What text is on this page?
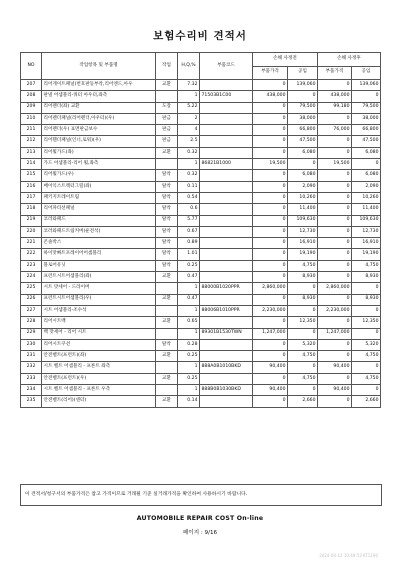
보험수리비 견적서
NO	작업항목 및 부품명	작업	H,Q,%	부품코드	손해 사정전		손해 사정후	
					부품가격	공임	부품가격	공임
207	리어게이트패널(번호판등부착,리어엔드,아우	교환	7.32		0	139,060	0	139,060
208	판넬 어셈블리-쿼터 아우터,좌측		1	71503B1C00	438,000	0	438,000	0
209	리어펜더(좌) 교환	도장	5.22		0	79,500	99,180	79,500
210	리어펜더패널(리어펜더,아우터)(우)	판금	2		0	38,000	0	38,000
211	리어펜더(우) 표면판금보수	판금	4		0	66,800	76,000	66,800
212	리어휀더패널(인너,로워)(우)	판금	2.5		0	47,500	0	47,500
213	리어휠가드(좌)	교환	0.32		0	6,080	0	6,080
214	가드 어셈블리-리어 휠,좌측		1	86821B1000	19,500	0	19,500	0
215	리어휠가드(우)	탈착	0.32		0	6,080	0	6,080
216	배이익스트렉터그릴(좌)	탈착	0.11		0	2,090	0	2,090
217	패키지트레이트림	탈착	0.54		0	10,260	0	10,260
218	리어파티션패널	탈착	0.6		0	11,400	0	11,400
219	코러와패드	탈착	5.77		0	109,630	0	109,630
220	코러와패드트림커버(운전석)	탈착	0.67		0	12,730	0	12,730
221	콘솔박스	탈착	0.89		0	16,910	0	16,910
222	하이맛빠트포레이어어셈블리	탈착	1.01		0	19,190	0	19,190
223	블로어유닛	탈착	0.25		0	4,750	0	4,750
224	프런트시트어셈블리(좌)	교환	0.47		0	8,930	0	8,930
225	시트 맛세어 - 드라이버		1	88000B1020PPR	2,860,000	0	2,860,000	0
226	프런트시트어셈블리(우)	교환	0.47		0	8,930	0	8,930
227	시트 어셈블리-조수석		1	88006B1010PPR	2,230,000	0	2,230,000	0
228	리어시트백	교환	0.65		0	12,350	0	12,350
229	백 맛세어 - 리어 시트		1	89301B1530TWN	1,247,000	0	1,247,000	0
230	리어시트쿠션	탈착	0.28		0	5,320	0	5,320
231	안전벨트(프런트)(좌)	교환	0.25		0	4,750	0	4,750
232	시트 벨트 어셈블리 - 프론트 좌측		1	888A0B1010BKD	90,400	0	90,400	0
233	안전벨트(프런트)(우)	교환	0.25		0	4,750	0	4,750
234	시트 벨트 어셈블리 - 프론트 우측		1	888B0B1030BKD	90,400	0	90,400	0
235	안전벨트(리어)(센터)	교환	0.14		0	2,660	0	2,660
이 견적서/청구서의 부품가격은 참고 가격이므로 거래될 기준 실거래가격을 확인하여 사용하시기 바랍니다.
AUTOMOBILE REPAIR COST On-line
페이지 : 9/16
2024-00-11 10:49:53 KT1190
